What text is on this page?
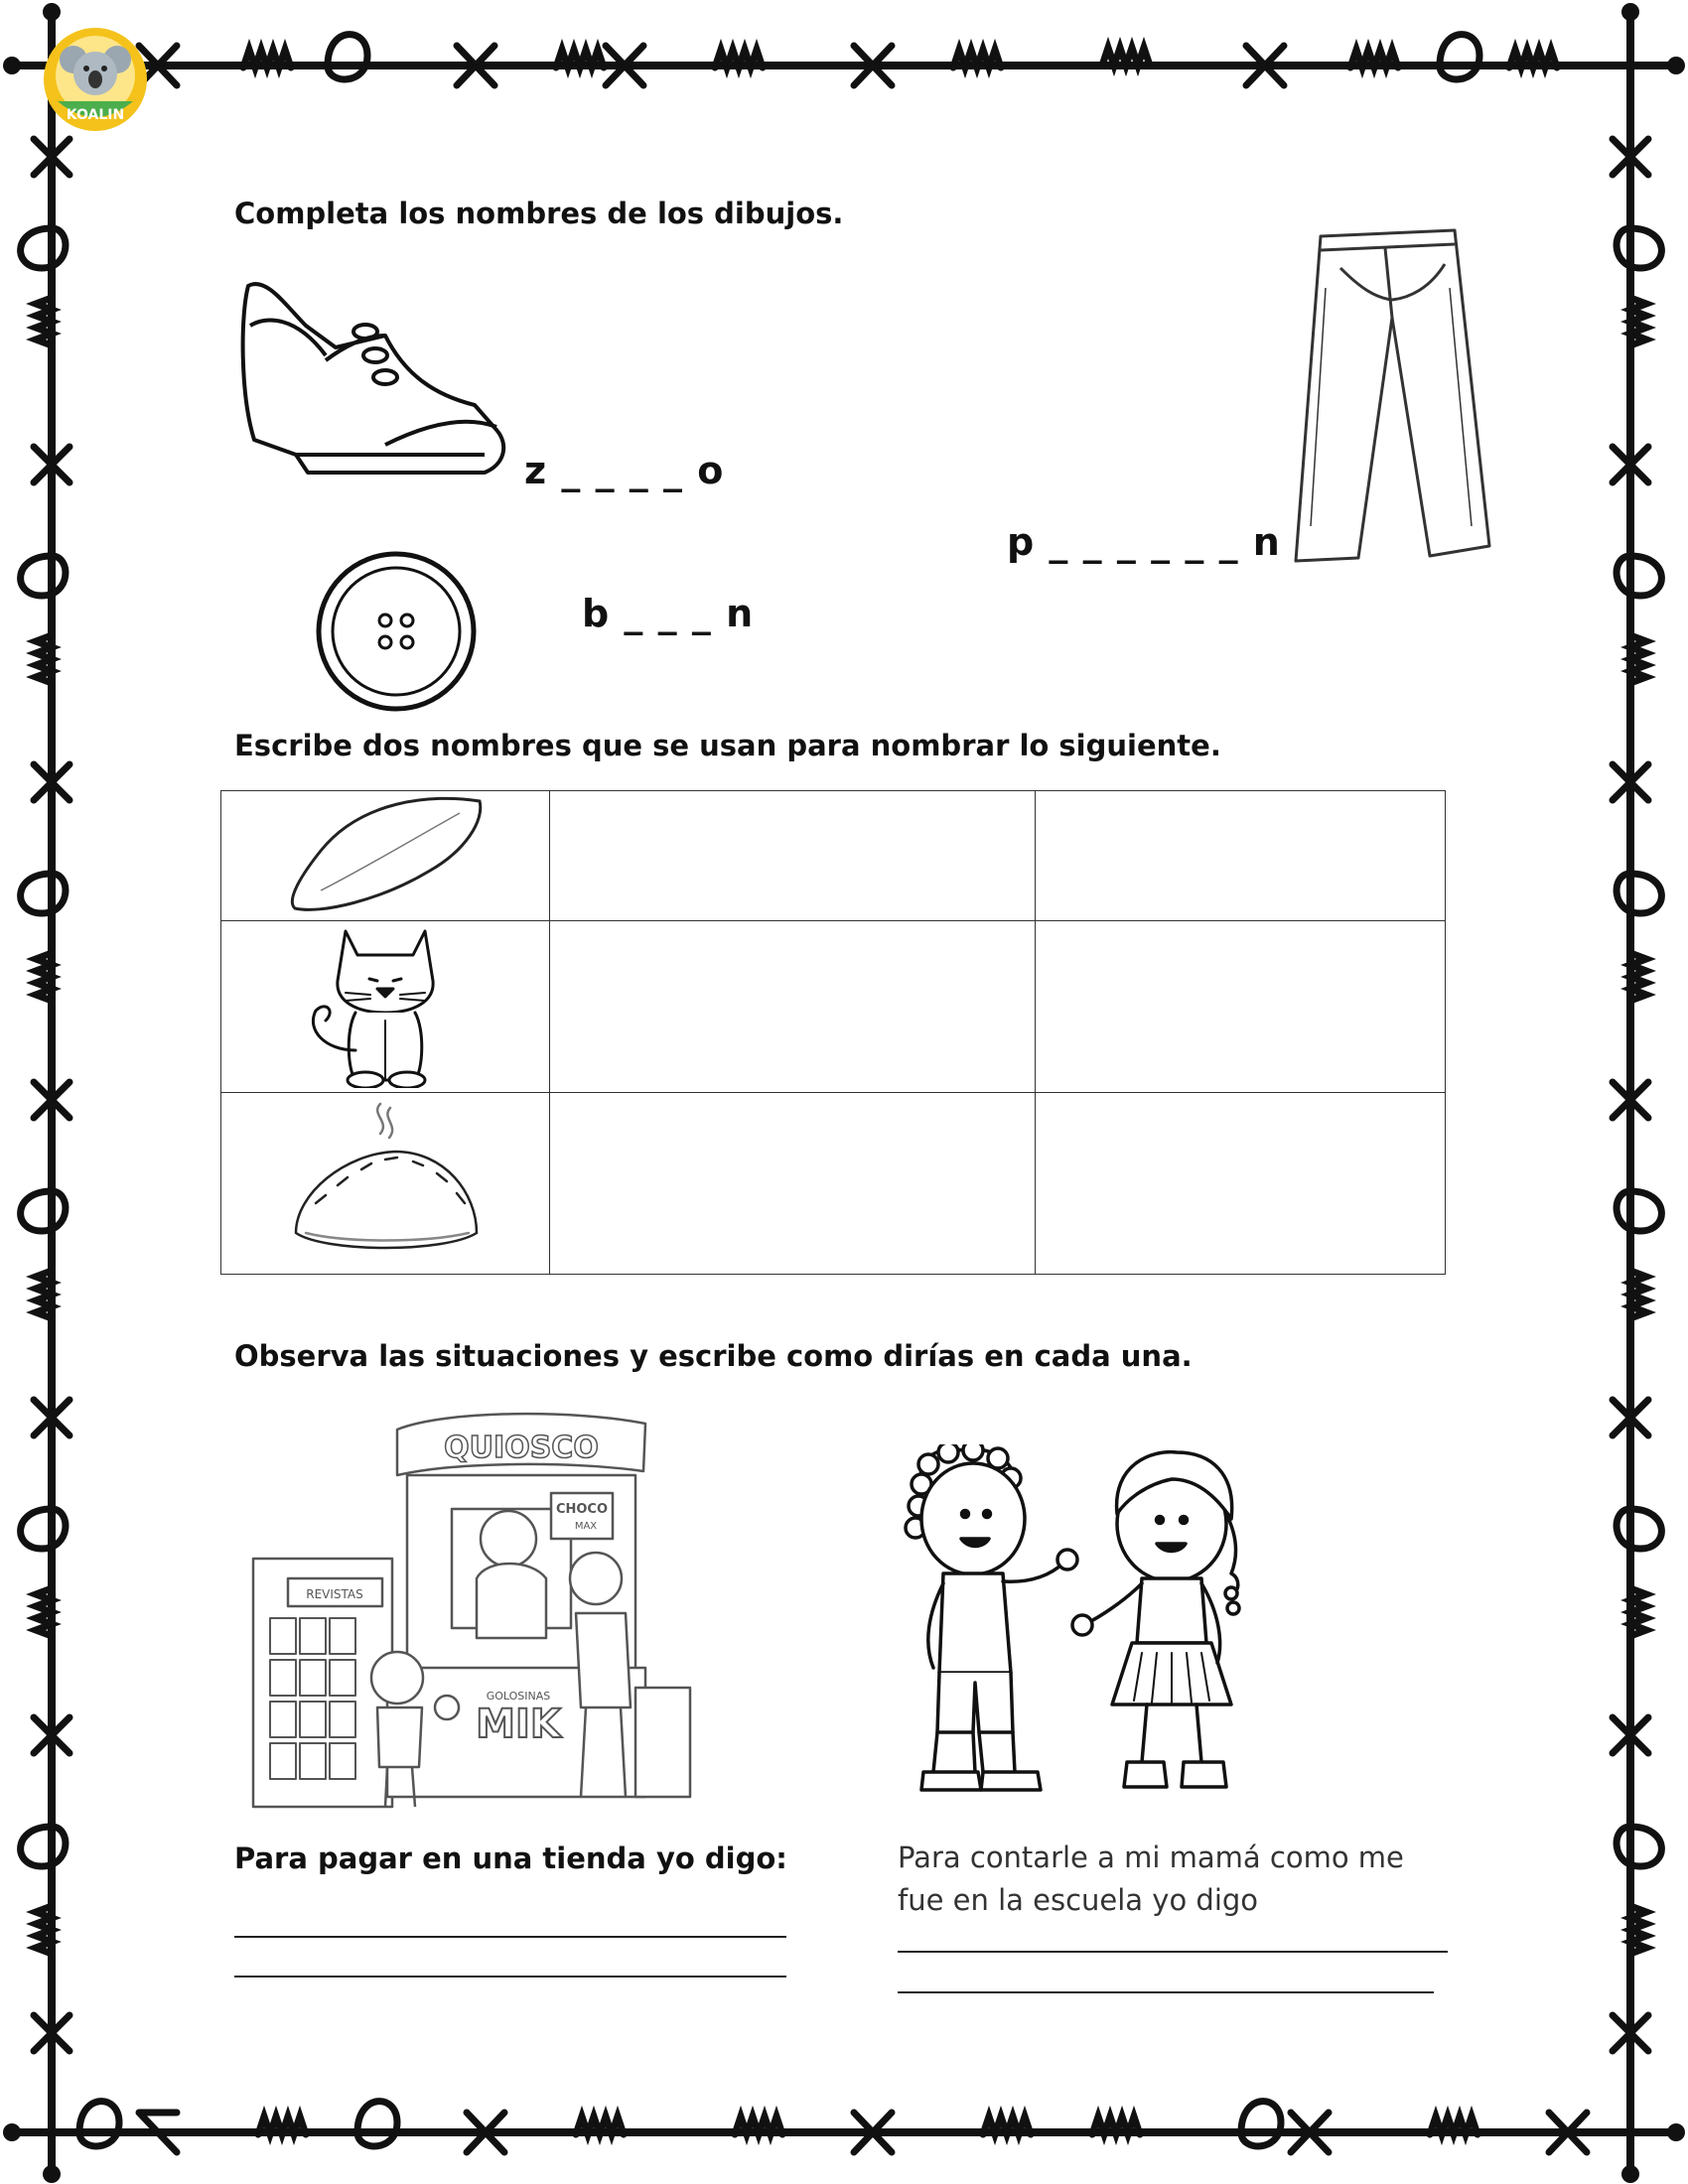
KOALIN
Completa los nombres de los dibujos.
z _ _ _ _ o
p _ _ _ _ _ _ n
b _ _ _ n
Escribe dos nombres que se usan para nombrar lo siguiente.

Observa las situaciones y escribe como dirías en cada una.
QUIOSCO
CHOCO
MAX
REVISTAS
GOLOSINAS
MIK
Para pagar en una tienda yo digo:	Para contarle a mi mamá como me fue en la escuela yo digo
